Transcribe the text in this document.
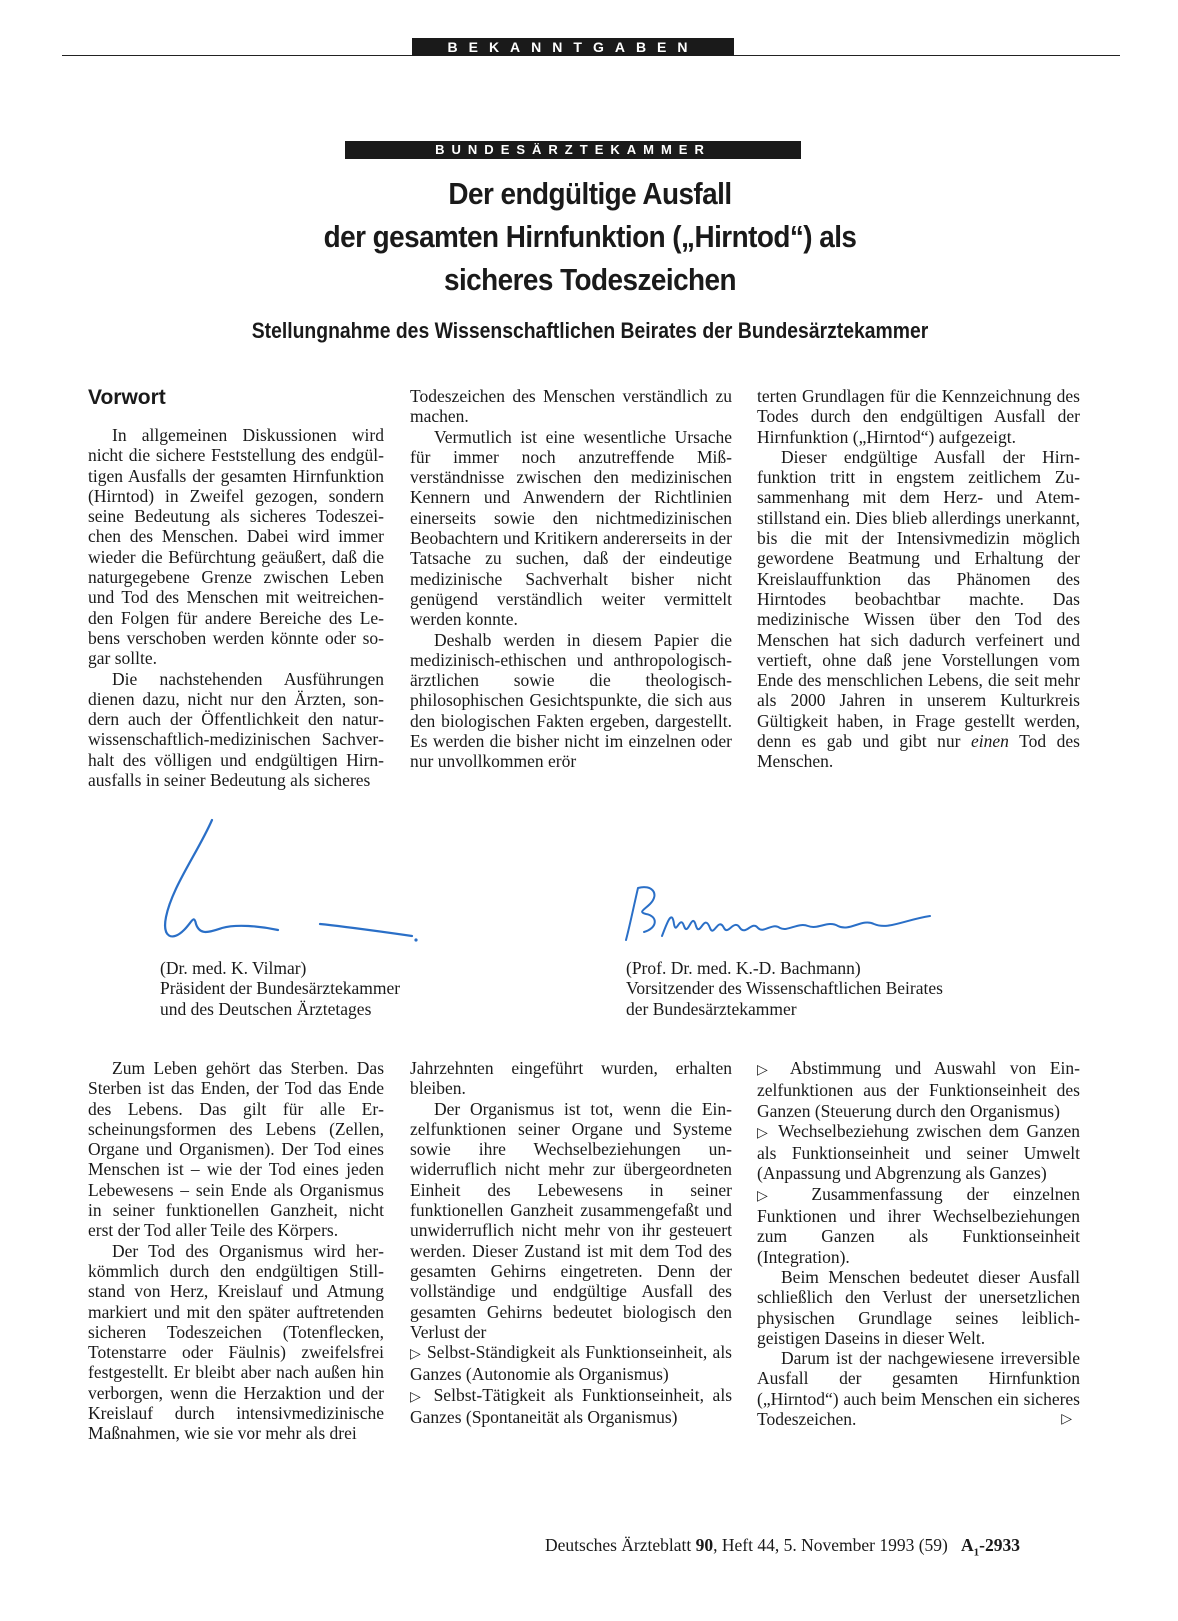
BEKANNTGABEN
BUNDESÄRZTEKAMMER
Der endgültige Ausfall
der gesamten Hirnfunktion („Hirntod“) als
sicheres Todeszeichen
Stellungnahme des Wissenschaftlichen Beirates der Bundesärztekammer
Vorwort

In allgemeinen Diskussionen wird nicht die sichere Feststellung des endgültigen Ausfalls der gesamten Hirnfunktion (Hirntod) in Zweifel gezogen, sondern seine Bedeutung als sicheres Todeszeichen des Menschen. Dabei wird immer wieder die Befürchtung geäußert, daß die naturgegebene Grenze zwischen Leben und Tod des Menschen mit weitreichenden Folgen für andere Bereiche des Lebens verschoben werden könnte oder sogar sollte.

Die nachstehenden Ausführungen dienen dazu, nicht nur den Ärzten, sondern auch der Öffentlichkeit den naturwissenschaftlich-medizinischen Sachverhalt des völligen und endgültigen Hirnausfalls in seiner Bedeutung als sicheres

Todeszeichen des Menschen verständlich zu machen.

Vermutlich ist eine wesentliche Ursache für immer noch anzutreffende Mißverständnisse zwischen den medizinischen Kennern und Anwendern der Richtlinien einerseits sowie den nichtmedizinischen Beobachtern und Kritikern andererseits in der Tatsache zu suchen, daß der eindeutige medizinische Sachverhalt bisher nicht genügend verständlich weiter vermittelt werden konnte.

Deshalb werden in diesem Papier die medizinisch-ethischen und anthropologisch-ärztlichen sowie die theologischphilosophischen Gesichtspunkte, die sich aus den biologischen Fakten ergeben, dargestellt. Es werden die bisher nicht im einzelnen oder nur unvollkommen erör

terten Grundlagen für die Kennzeichnung des Todes durch den endgültigen Ausfall der Hirnfunktion („Hirntod“) aufgezeigt.

Dieser endgültige Ausfall der Hirnfunktion tritt in engstem zeitlichem Zusammenhang mit dem Herz- und Atemstillstand ein. Dies blieb allerdings unerkannt, bis die mit der Intensivmedizin möglich gewordene Beatmung und Erhaltung der Kreislauffunktion das Phänomen des Hirntodes beobachtbar machte. Das medizinische Wissen über den Tod des Menschen hat sich dadurch verfeinert und vertieft, ohne daß jene Vorstellungen vom Ende des menschlichen Lebens, die seit mehr als 2000 Jahren in unserem Kulturkreis Gültigkeit haben, in Frage gestellt werden, denn es gab und gibt nur einen Tod des Menschen.

(Dr. med. K. Vilmar)
Präsident der Bundesärztekammer
und des Deutschen Ärztetages
(Prof. Dr. med. K.-D. Bachmann)
Vorsitzender des Wissenschaftlichen Beirates
der Bundesärztekammer

Zum Leben gehört das Sterben. Das Sterben ist das Enden, der Tod das Ende des Lebens. Das gilt für alle Erscheinungsformen des Lebens (Zellen, Organe und Organismen). Der Tod eines Menschen ist – wie der Tod eines jeden Lebewesens – sein Ende als Organismus in seiner funktionellen Ganzheit, nicht erst der Tod aller Teile des Körpers.

Der Tod des Organismus wird herkömmlich durch den endgültigen Stillstand von Herz, Kreislauf und Atmung markiert und mit den später auftretenden sicheren Todeszeichen (Totenflecken, Totenstarre oder Fäulnis) zweifelsfrei festgestellt. Er bleibt aber nach außen hin verborgen, wenn die Herzaktion und der Kreislauf durch intensivmedizinische Maßnahmen, wie sie vor mehr als drei

Jahrzehnten eingeführt wurden, erhalten bleiben.

Der Organismus ist tot, wenn die Einzelfunktionen seiner Organe und Systeme sowie ihre Wechselbeziehungen unwiderruflich nicht mehr zur übergeordneten Einheit des Lebewesens in seiner funktionellen Ganzheit zusammengefaßt und unwiderruflich nicht mehr von ihr gesteuert werden. Dieser Zustand ist mit dem Tod des gesamten Gehirns eingetreten. Denn der vollständige und endgültige Ausfall des gesamten Gehirns bedeutet biologisch den Verlust der

▷ Selbst-Ständigkeit als Funktionseinheit, als Ganzes (Autonomie als Organismus)

▷ Selbst-Tätigkeit als Funktionseinheit, als Ganzes (Spontaneität als Organismus)

▷ Abstimmung und Auswahl von Einzelfunktionen aus der Funktionseinheit des Ganzen (Steuerung durch den Organismus)

▷ Wechselbeziehung zwischen dem Ganzen als Funktionseinheit und seiner Umwelt (Anpassung und Abgrenzung als Ganzes)

▷ Zusammenfassung der einzelnen Funktionen und ihrer Wechselbeziehungen zum Ganzen als Funktionseinheit (Integration).

Beim Menschen bedeutet dieser Ausfall schließlich den Verlust der unersetzlichen physischen Grundlage seines leiblich-geistigen Daseins in dieser Welt.

Darum ist der nachgewiesene irreversible Ausfall der gesamten Hirnfunktion („Hirntod“) auch beim Menschen ein sicheres Todeszeichen.	▷

Deutsches Ärzteblatt 90, Heft 44, 5. November 1993 (59) $A_1-2933$
